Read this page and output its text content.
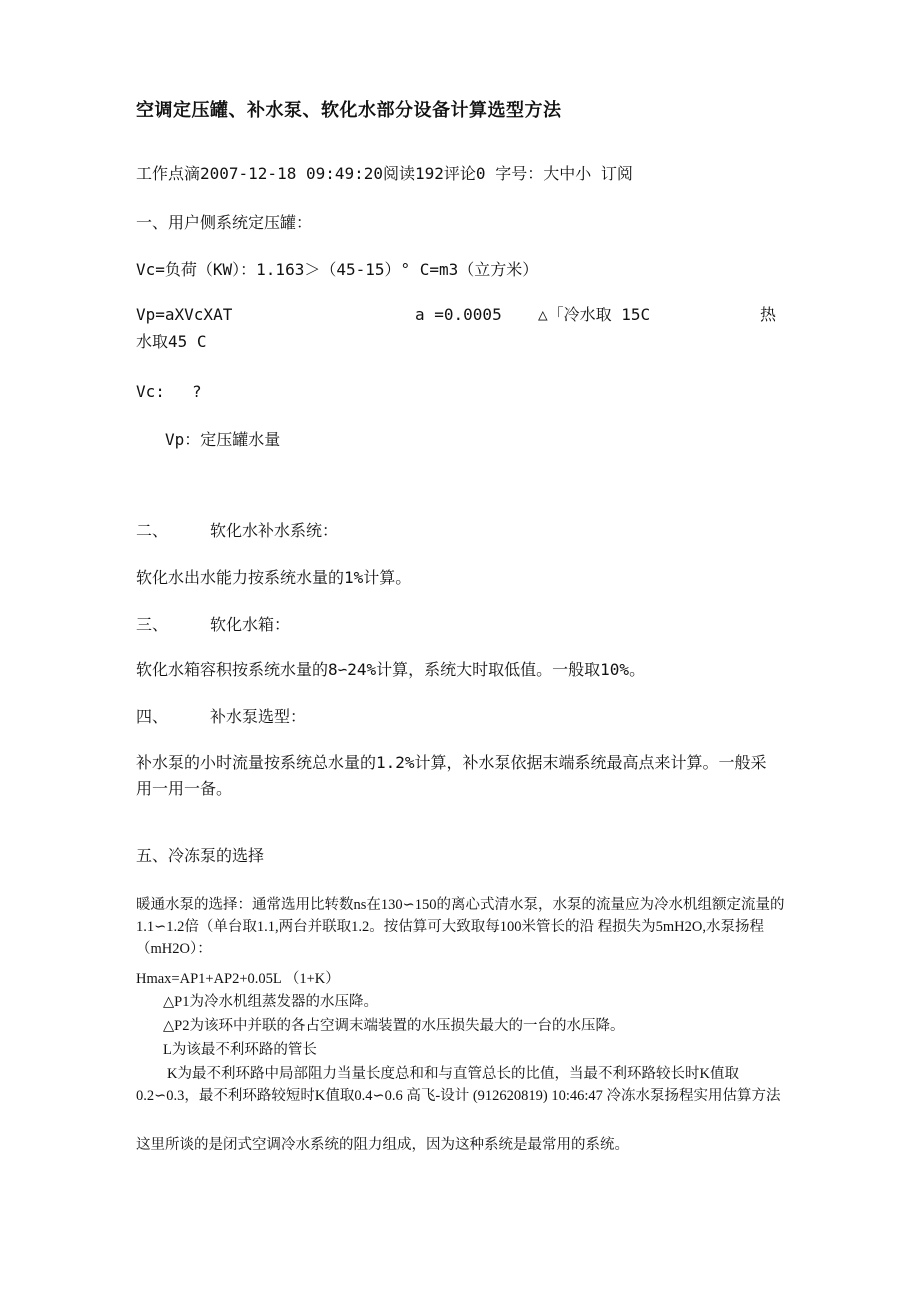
空调定压罐、补水泵、软化水部分设备计算选型方法
工作点滴2007-12-18 09:49:20阅读192评论0 字号：大中小 订阅
一、用户侧系统定压罐：
Vc=负荷（KW）：1.163＞（45-15）° C=m3（立方米）
Vp=aXVcXAT	a =0.0005 △「冷水取 15C	热
水取45 C
Vc: ?
Vp：定压罐水量
二、	软化水补水系统：
软化水出水能力按系统水量的1%计算。
三、	软化水箱：
软化水箱容积按系统水量的8∽24%计算，系统大时取低值。一般取10%。
四、	补水泵选型：
补水泵的小时流量按系统总水量的1.2%计算，补水泵依据末端系统最高点来计算。一般采用一用一备。
五、冷冻泵的选择
暖通水泵的选择：通常选用比转数ns在130∽150的离心式清水泵，水泵的流量应为冷水机组额定流量的1.1∽1.2倍（单台取1.1,两台并联取1.2。按估算可大致取每100米管长的沿 程损失为5mH2O,水泵扬程（mH2O）：
Hmax=AP1+AP2+0.05L （1+K）
△P1为冷水机组蒸发器的水压降。
△P2为该环中并联的各占空调末端装置的水压损失最大的一台的水压降。
L为该最不利环路的管长
K为最不利环路中局部阻力当量长度总和和与直管总长的比值，当最不利环路较长时K值取0.2∽0.3，最不利环路较短时K值取0.4∽0.6 高飞-设计 (912620819) 10:46:47 冷冻水泵扬程实用估算方法
这里所谈的是闭式空调冷水系统的阻力组成，因为这种系统是最常用的系统。
